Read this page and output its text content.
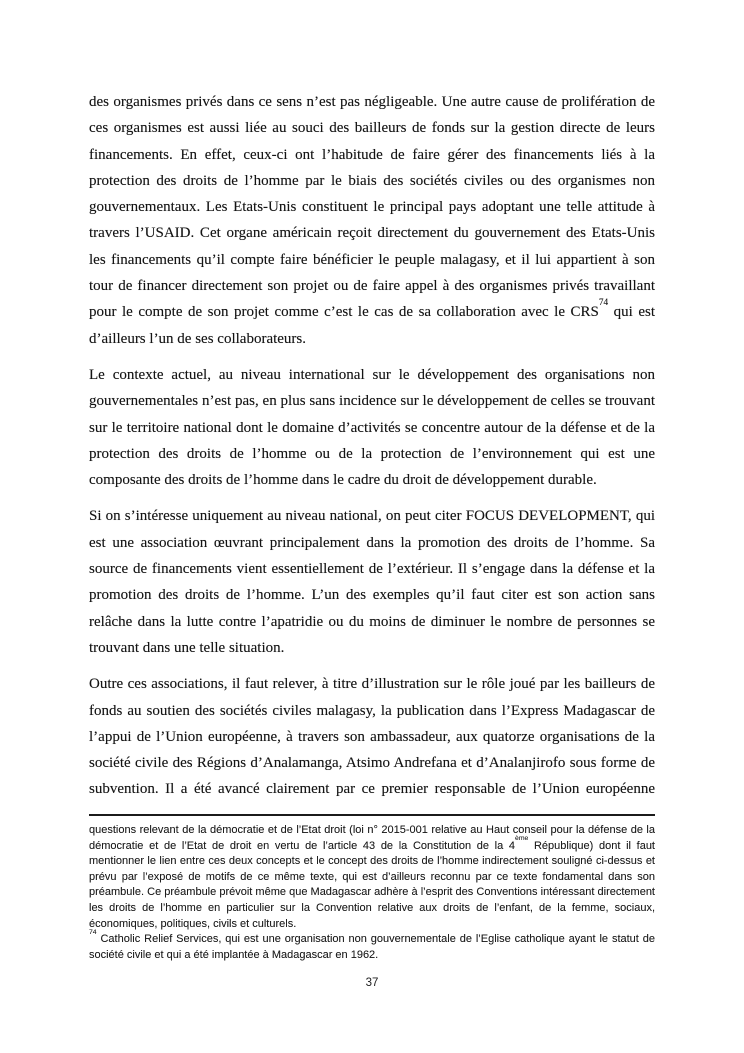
des organismes privés dans ce sens n’est pas négligeable. Une autre cause de prolifération de ces organismes est aussi liée au souci des bailleurs de fonds sur la gestion directe de leurs financements. En effet, ceux-ci ont l’habitude de faire gérer des financements liés à la protection des droits de l’homme par le biais des sociétés civiles ou des organismes non gouvernementaux. Les Etats-Unis constituent le principal pays adoptant une telle attitude à travers l’USAID. Cet organe américain reçoit directement du gouvernement des Etats-Unis les financements qu’il compte faire bénéficier le peuple malagasy, et il lui appartient à son tour de financer directement son projet ou de faire appel à des organismes privés travaillant pour le compte de son projet comme c’est le cas de sa collaboration avec le CRS$^{74}$ qui est d’ailleurs l’un de ses collaborateurs.

Le contexte actuel, au niveau international sur le développement des organisations non gouvernementales n’est pas, en plus sans incidence sur le développement de celles se trouvant sur le territoire national dont le domaine d’activités se concentre autour de la défense et de la protection des droits de l’homme ou de la protection de l’environnement qui est une composante des droits de l’homme dans le cadre du droit de développement durable.

Si on s’intéresse uniquement au niveau national, on peut citer FOCUS DEVELOPMENT, qui est une association œuvrant principalement dans la promotion des droits de l’homme. Sa source de financements vient essentiellement de l’extérieur. Il s’engage dans la défense et la promotion des droits de l’homme. L’un des exemples qu’il faut citer est son action sans relâche dans la lutte contre l’apatridie ou du moins de diminuer le nombre de personnes se trouvant dans une telle situation.

Outre ces associations, il faut relever, à titre d’illustration sur le rôle joué par les bailleurs de fonds au soutien des sociétés civiles malagasy, la publication dans l’Express Madagascar de l’appui de l’Union européenne, à travers son ambassadeur, aux quatorze organisations de la société civile des Régions d’Analamanga, Atsimo Andrefana et d’Analanjirofo sous forme de subvention. Il a été avancé clairement par ce premier responsable de l’Union européenne

questions relevant de la démocratie et de l’Etat droit (loi n° 2015-001 relative au Haut conseil pour la défense de la démocratie et de l’Etat de droit en vertu de l’article 43 de la Constitution de la 4ème République) dont il faut mentionner le lien entre ces deux concepts et le concept des droits de l’homme indirectement souligné ci-dessus et prévu par l’exposé de motifs de ce même texte, qui est d’ailleurs reconnu par ce texte fondamental dans son préambule. Ce préambule prévoit même que Madagascar adhère à l’esprit des Conventions intéressant directement les droits de l’homme en particulier sur la Convention relative aux droits de l’enfant, de la femme, sociaux, économiques, politiques, civils et culturels.

$^{74}$ Catholic Relief Services, qui est une organisation non gouvernementale de l’Eglise catholique ayant le statut de société civile et qui a été implantée à Madagascar en 1962.

37
